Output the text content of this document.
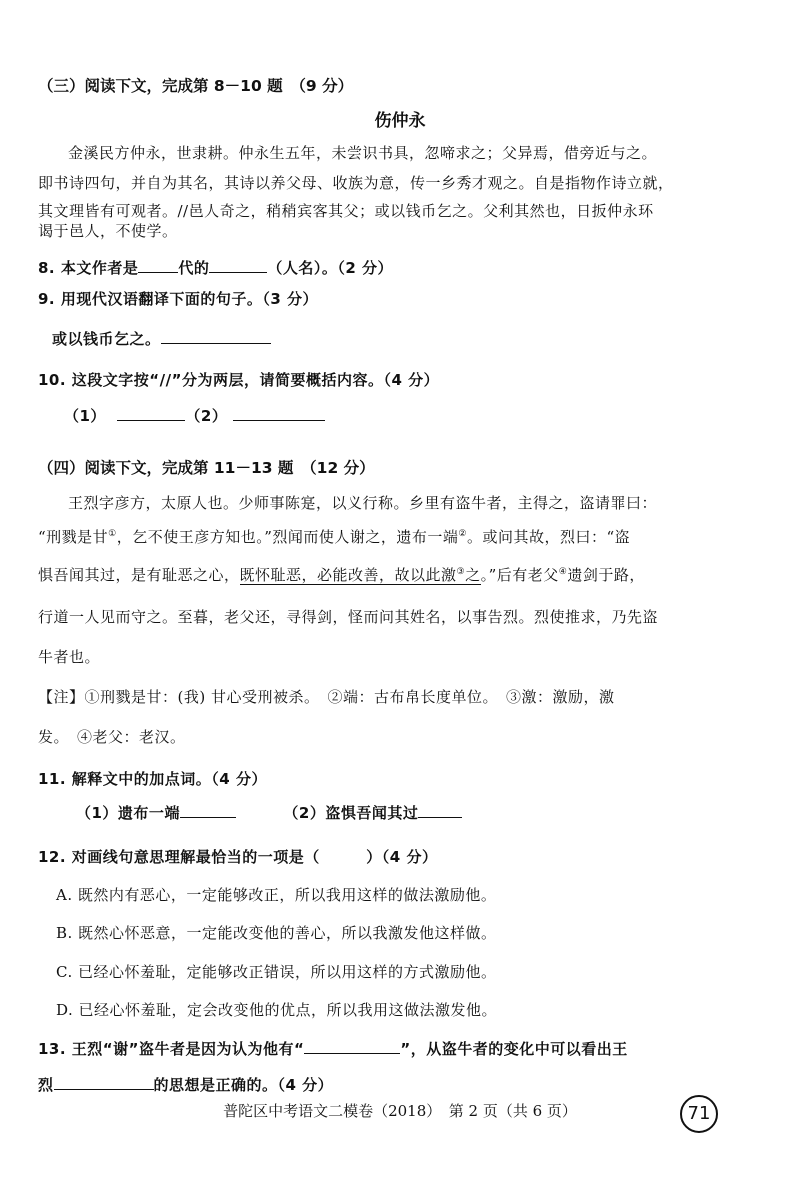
（三）阅读下文，完成第 8－10 题　（9 分）
伤仲永
金溪民方仲永，世隶耕。仲永生五年，未尝识书具，忽啼求之；父异焉，借旁近与之。
即书诗四句，并自为其名，其诗以养父母、收族为意，传一乡秀才观之。自是指物作诗立就，
其文理皆有可观者。//邑人奇之，稍稍宾客其父；或以钱币乞之。父利其然也，日扳仲永环
谒于邑人，不使学。
8. 本文作者是	代的	（人名）。（2 分）
9. 用现代汉语翻译下面的句子。（3 分）
或以钱币乞之。
10. 这段文字按“//”分为两层，请简要概括内容。（4 分）
（1）	（2）
（四）阅读下文，完成第 11－13 题　（12 分）
王烈字彦方，太原人也。少师事陈寔，以义行称。乡里有盗牛者，主得之，盗请罪曰：
“刑戮是甘①，乞不使王彦方知也。”烈闻而使人谢之，遗布一端②。或问其故，烈曰：“盗
惧吾闻其过，是有耻恶之心，既怀耻恶，必能改善，故以此激③之。”后有老父④遗剑于路，
行道一人见而守之。至暮，老父还，寻得剑，怪而问其姓名，以事告烈。烈使推求，乃先盗
牛者也。
【注】①刑戮是甘：(我) 甘心受刑被杀。　②端：古布帛长度单位。　③激：激励，激
发。　④老父：老汉。
11. 解释文中的加点词。（4 分）
（1）遗布一端	（2）盗惧吾闻其过
12. 对画线句意思理解最恰当的一项是（　　　）（4 分）
A. 既然内有恶心，一定能够改正，所以我用这样的做法激励他。
B. 既然心怀恶意，一定能改变他的善心，所以我激发他这样做。
C. 已经心怀羞耻，定能够改正错误，所以用这样的方式激励他。
D. 已经心怀羞耻，定会改变他的优点，所以我用这做法激发他。
13. 王烈“谢”盗牛者是因为认为他有“	”，从盗牛者的变化中可以看出王
烈	的思想是正确的。（4 分）
普陀区中考语文二模卷（2018）　第 2 页（共 6 页）	71
